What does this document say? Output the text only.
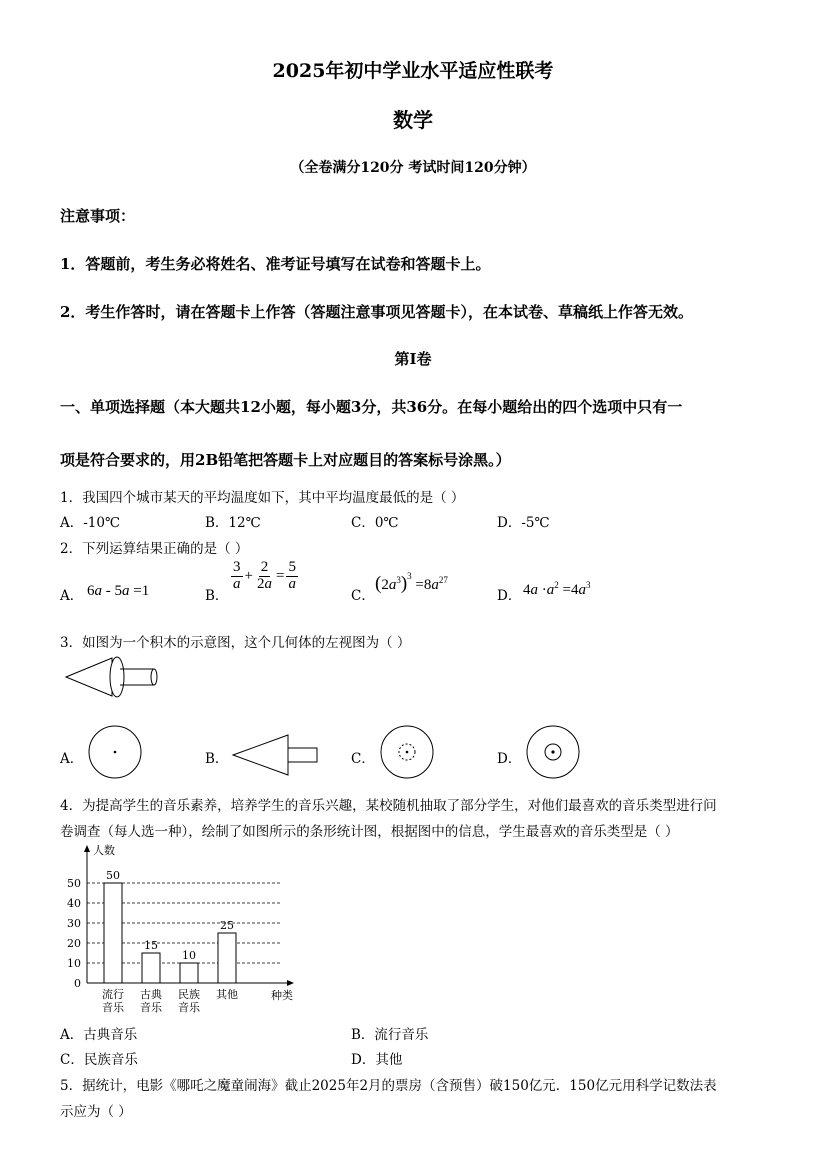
2025年初中学业水平适应性联考
数学
（全卷满分120分 考试时间120分钟）
注意事项：
1．答题前，考生务必将姓名、准考证号填写在试卷和答题卡上。
2．考生作答时，请在答题卡上作答（答题注意事项见答题卡），在本试卷、草稿纸上作答无效。
第I卷
一、单项选择题（本大题共12小题，每小题3分，共36分。在每小题给出的四个选项中只有一
项是符合要求的，用2B铅笔把答题卡上对应题目的答案标号涂黑。）
1．我国四个城市某天的平均温度如下，其中平均温度最低的是（ ）
A．-10℃	B．12℃	C．0℃	D．-5℃
2．下列运算结果正确的是（ ）
A． 6a - 5a =1	B．
$\frac{3}{a} + \frac{2}{2a} = \frac{5}{a}$
C．
$(2a^3)^3 =8a^{27}$
D． $4a \cdot a^2 =4a^3$
3．如图为一个积木的示意图，这个几何体的左视图为（ ）
A．	B．	C．	D．
4．为提高学生的音乐素养，培养学生的音乐兴趣，某校随机抽取了部分学生，对他们最喜欢的音乐类型进行问
卷调查（每人选一种），绘制了如图所示的条形统计图，根据图中的信息，学生最喜欢的音乐类型是（ ）
人数
种类
0
10
20
30
40
50
50
流行
音乐
15
古典
音乐
10
民族
音乐
25
其他
A．古典音乐	B．流行音乐
C．民族音乐	D．其他
5．据统计，电影《哪吒之魔童闹海》截止2025年2月的票房（含预售）破150亿元．150亿元用科学记数法表
示应为（ ）
